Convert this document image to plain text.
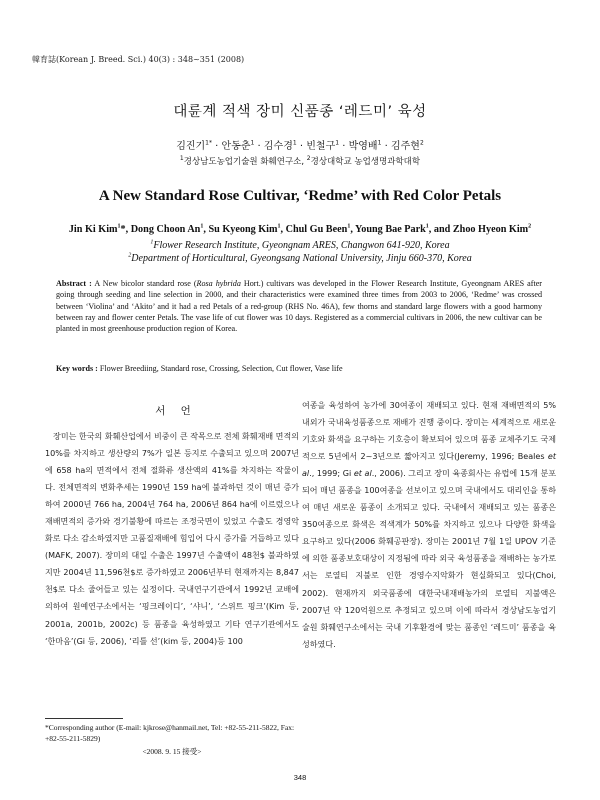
韓育誌(Korean J. Breed. Sci.) 40(3) : 348~351 (2008)
대륜계 적색 장미 신품종 ‘레드미’ 육성
김진기$^{1*}$ · 안동춘$^1$ · 김수경$^1$ · 빈철구$^1$ · 박영배$^1$ · 김주현$^2$
$^1$경상남도농업기술원 화훼연구소, $^2$경상대학교 농업생명과학대학
A New Standard Rose Cultivar, ‘Redme’ with Red Color Petals
Jin Ki Kim$^1$*, Dong Choon An$^1$, Su Kyeong Kim$^1$, Chul Gu Been$^1$, Young Bae Park$^1$, and Zhoo Hyeon Kim$^2$
$^1$Flower Research Institute, Gyeongnam ARES, Changwon 641-920, Korea
$^2$Department of Horticultural, Gyeongsang National University, Jinju 660-370, Korea
Abstract : A New bicolor standard rose (Rosa hybrida Hort.) cultivars was developed in the Flower Research Institute, Gyeongnam ARES after going through seeding and line selection in 2000, and their characteristics were examined three times from 2003 to 2006, ‘Redme’ was crossed between ‘Violina’ and ‘Akito’ and it had a red Petals of a red-group (RHS No. 46A), few thorns and standard large flowers with a good harmony between ray and flower center Petals. The vase life of cut flower was 10 days. Registered as a commercial cultivars in 2006, the new cultivar can be planted in most greenhouse production region of Korea.
Key words : Flower Breediing, Standard rose, Crossing, Selection, Cut flower, Vase life
서 언

장미는 한국의 화훼산업에서 비중이 큰 작목으로 전체 화훼재배 면적의 10%를 차지하고 생산량의 7%가 일본 등지로 수출되고 있으며 2007년에 658 ha의 면적에서 전체 절화류 생산액의 41%를 차지하는 작물이다. 전체면적의 변화추세는 1990년 159 ha에 불과하던 것이 매년 증가하여 2000년 766 ha, 2004년 764 ha, 2006년 864 ha에 이르렀으나 재배면적의 증가와 경기불황에 따르는 조정국면이 있었고 수출도 경영악화로 다소 감소하였지만 고품질재배에 힘입어 다시 증가를 거듭하고 있다(MAFK, 2007). 장미의 대일 수출은 1997년 수출액이 48천$ 불과하였지만 2004년 11,596천$로 증가하였고 2006년부터 현재까지는 8,847천$로 다소 줄어들고 있는 실정이다. 국내연구기관에서 1992년 교배에 의하여 원예연구소에서는 ‘핑크레이디’, ‘샤니’, ‘스위트 핑크’(Kim 등, 2001a, 2001b, 2002c) 등 품종을 육성하였고 기타 연구기관에서도 ‘한마음’(Gi 등, 2006), ‘리틀 선’(kim 등, 2004)등 100

여종을 육성하여 농가에 30여종이 재배되고 있다. 현재 재배면적의 5% 내외가 국내육성품종으로 재배가 진행 중이다. 장미는 세계적으로 새로운 기호와 화색을 요구하는 기호층이 확보되어 있으며 품종 교체주기도 국제적으로 5년에서 2~3년으로 짧아지고 있다(Jeremy, 1996; Beales et al., 1999; Gi et al., 2006). 그리고 장미 육종회사는 유럽에 15개 분포되어 매년 품종을 100여종을 선보이고 있으며 국내에서도 대리인을 통하여 매년 새로운 품종이 소개되고 있다. 국내에서 재배되고 있는 품종은 350여종으로 화색은 적색계가 50%를 차지하고 있으나 다양한 화색을 요구하고 있다(2006 화훼공판장). 장미는 2001년 7월 1일 UPOV 기준에 의한 품종보호대상이 지정됨에 따라 외국 육성품종을 재배하는 농가로서는 로열티 지불로 인한 경영수지악화가 현실화되고 있다(Choi, 2002). 현재까지 외국품종에 대한국내재배농가의 로열티 지불액은 2007년 약 120억원으로 추정되고 있으며 이에 따라서 경상남도농업기술원 화훼연구소에서는 국내 기후환경에 맞는 품종인 ‘레드미’ 품종을 육성하였다.

*Corresponding author (E-mail: kjkrose@hanmail.net, Tel: +82-55-211-5822, Fax: +82-55-211-5829)
<2008. 9. 15 接受>
348
